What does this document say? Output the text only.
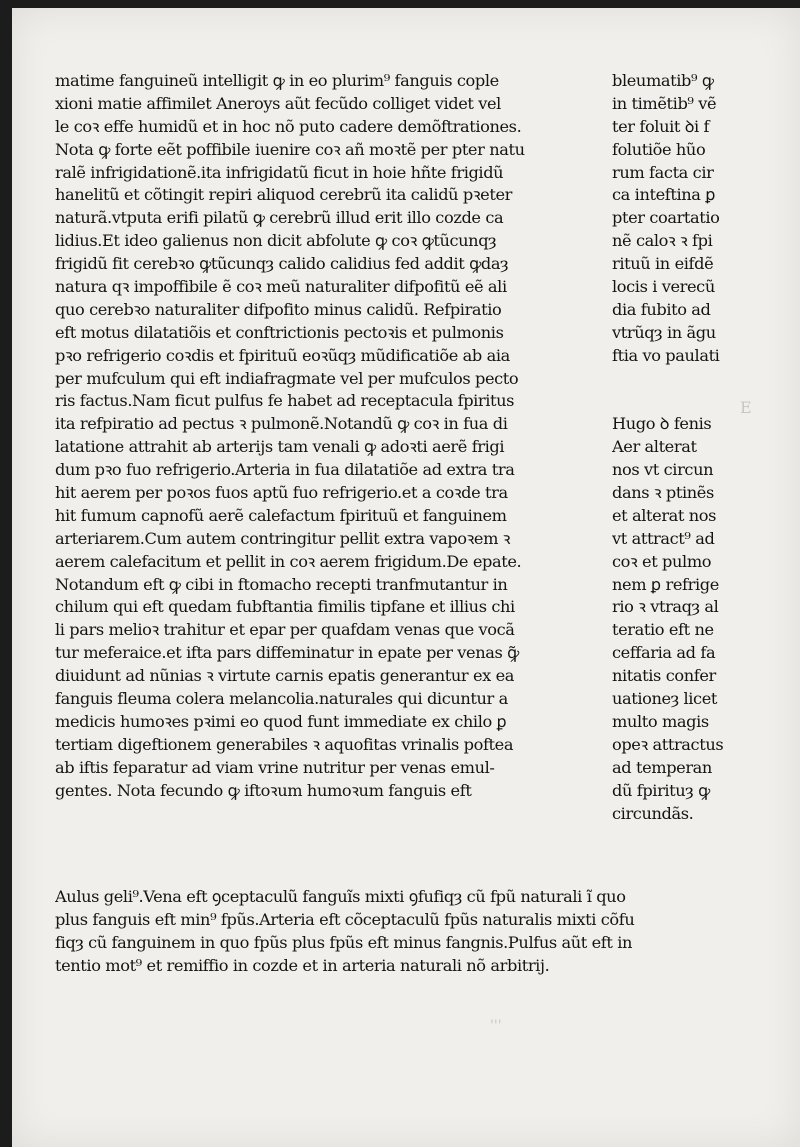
matime fanguineũ intelligit ꝙ in eo plurim⁹ fanguis cople
xioni matie affimilet Aneroys aũt fecũdo colliget videt vel
le coꝛ effe humidũ et in hoc nõ puto cadere demõftrationes.
Nota ꝙ forte eẽt poffibile iuenire coꝛ añ moꝛtẽ per pter natu
ralẽ infrigidationẽ.ita infrigidatũ ficut in hoie hñte frigidũ
hanelitũ et cõtingit repiri aliquod cerebrũ ita calidũ pꝛeter
naturã.vtputa erifi pilatũ ꝙ cerebrũ illud erit illo cozde ca
lidius.Et ideo galienus non dicit abfolute ꝙ coꝛ ꝙtũcunqȝ
frigidũ fit cerebꝛo ꝙtũcunqȝ calido calidius fed addit ꝙdaȝ
natura qꝛ impoffibile ẽ coꝛ meũ naturaliter difpofitũ eẽ ali
quo cerebꝛo naturaliter difpofito minus calidũ. Refpiratio
eft motus dilatatiõis et conftrictionis pectoꝛis et pulmonis
pꝛo refrigerio coꝛdis et fpirituũ eoꝛũqȝ mũdificatiõe ab aia
per mufculum qui eft indiafragmate vel per mufculos pecto
ris factus.Nam ficut pulfus fe habet ad receptacula fpiritus
ita refpiratio ad pectus ꝛ pulmonẽ.Notandũ ꝙ coꝛ in fua di
latatione attrahit ab arterijs tam venali ꝙ adoꝛti aerẽ frigi
dum pꝛo fuo refrigerio.Arteria in fua dilatatiõe ad extra tra
hit aerem per poꝛos fuos aptũ fuo refrigerio.et a coꝛde tra
hit fumum capnofũ aerẽ calefactum fpirituũ et fanguinem
arteriarem.Cum autem contringitur pellit extra vapoꝛem ꝛ
aerem calefacitum et pellit in coꝛ aerem frigidum.De epate.
Notandum eft ꝙ cibi in ftomacho recepti tranfmutantur in
chilum qui eft quedam fubftantia fimilis tipfane et illius chi
li pars melioꝛ trahitur et epar per quafdam venas que vocã
tur meferaice.et ifta pars diffeminatur in epate per venas ꝙ̃
diuidunt ad nũnias ꝛ virtute carnis epatis generantur ex ea
fanguis fleuma colera melancolia.naturales qui dicuntur a
medicis humoꝛes pꝛimi eo quod funt immediate ex chilo ꝑ
tertiam digeftionem generabiles ꝛ aquofitas vrinalis poftea
ab iftis feparatur ad viam vrine nutritur per venas emul‑
gentes. Nota fecundo ꝙ iftoꝛum humoꝛum fanguis eft
bleumatib⁹ ꝙ
in timẽtib⁹ vẽ
ter foluit ꝺi f
folutiõe hũo
rum facta cir
ca inteftina ꝑ
pter coartatio
nẽ caloꝛ ꝛ fpi
rituũ in eifdẽ
locis i verecũ
dia fubito ad
vtrũqȝ in ãgu
ftia vo paulati

Hugo ꝺ fenis
Aer alterat
nos vt circun
dans ꝛ ptinẽs
et alterat nos
vt attract⁹ ad
coꝛ et pulmo
nem ꝑ refrige
rio ꝛ vtraqȝ al
teratio eft ne
ceffaria ad fa
nitatis confer
uationeȝ licet
multo magis
opeꝛ attractus
ad temperan
dũ fpirituȝ ꝙ
circundãs.
Aulus geli⁹.Vena eft ꝯceptaculũ fanguĩs mixti ꝯfufiqȝ cũ fpũ naturali ĩ quo
plus fanguis eft min⁹ fpũs.Arteria eft cõceptaculũ fpũs naturalis mixti cõfu
fiqȝ cũ fanguinem in quo fpũs plus fpũs eft minus fangnis.Pulfus aũt eft in
tentio mot⁹ et remiffio in cozde et in arteria naturali nõ arbitrij.
E
'''
